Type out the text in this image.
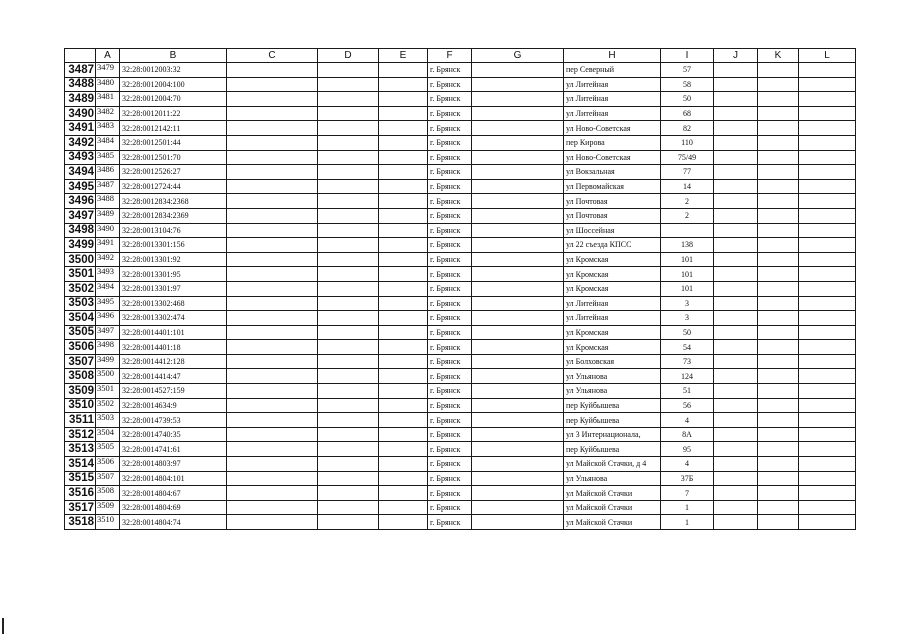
	A	B	C	D	E	F	G	H	I	J	K	L
3487	3479	32:28:0012003:32				г. Брянск		пер Северный	57			
3488	3480	32:28:0012004:100				г. Брянск		ул Литейная	58			
3489	3481	32:28:0012004:70				г. Брянск		ул Литейная	50			
3490	3482	32:28:0012011:22				г. Брянск		ул Литейная	68			
3491	3483	32:28:0012142:11				г. Брянск		ул Ново-Советская	82			
3492	3484	32:28:0012501:44				г. Брянск		пер Кирова	110			
3493	3485	32:28:0012501:70				г. Брянск		ул Ново-Советская	75/49			
3494	3486	32:28:0012526:27				г. Брянск		ул Вокзальная	77			
3495	3487	32:28:0012724:44				г. Брянск		ул Первомайская	14			
3496	3488	32:28:0012834:2368				г. Брянск		ул Почтовая	2			
3497	3489	32:28:0012834:2369				г. Брянск		ул Почтовая	2			
3498	3490	32:28:0013104:76				г. Брянск		ул Шоссейная				
3499	3491	32:28:0013301:156				г. Брянск		ул 22 съезда КПСС	138			
3500	3492	32:28:0013301:92				г. Брянск		ул Кромская	101			
3501	3493	32:28:0013301:95				г. Брянск		ул Кромская	101			
3502	3494	32:28:0013301:97				г. Брянск		ул Кромская	101			
3503	3495	32:28:0013302:468				г. Брянск		ул Литейная	3			
3504	3496	32:28:0013302:474				г. Брянск		ул Литейная	3			
3505	3497	32:28:0014401:101				г. Брянск		ул Кромская	50			
3506	3498	32:28:0014401:18				г. Брянск		ул Кромская	54			
3507	3499	32:28:0014412:128				г. Брянск		ул Болховская	73			
3508	3500	32:28:0014414:47				г. Брянск		ул Ульянова	124			
3509	3501	32:28:0014527:159				г. Брянск		ул Ульянова	51			
3510	3502	32:28:0014634:9				г. Брянск		пер Куйбышева	56			
3511	3503	32:28:0014739:53				г. Брянск		пер Куйбышева	4			
3512	3504	32:28:0014740:35				г. Брянск		ул 3 Интернационала,	8А			
3513	3505	32:28:0014741:61				г. Брянск		пер Куйбышева	95			
3514	3506	32:28:0014803:97				г. Брянск		ул Майской Стачки, д 4	4			
3515	3507	32:28:0014804:101				г. Брянск		ул Ульянова	37Б			
3516	3508	32:28:0014804:67				г. Брянск		ул Майской Стачки	7			
3517	3509	32:28:0014804:69				г. Брянск		ул Майской Стачки	1			
3518	3510	32:28:0014804:74				г. Брянск		ул Майской Стачки	1			
